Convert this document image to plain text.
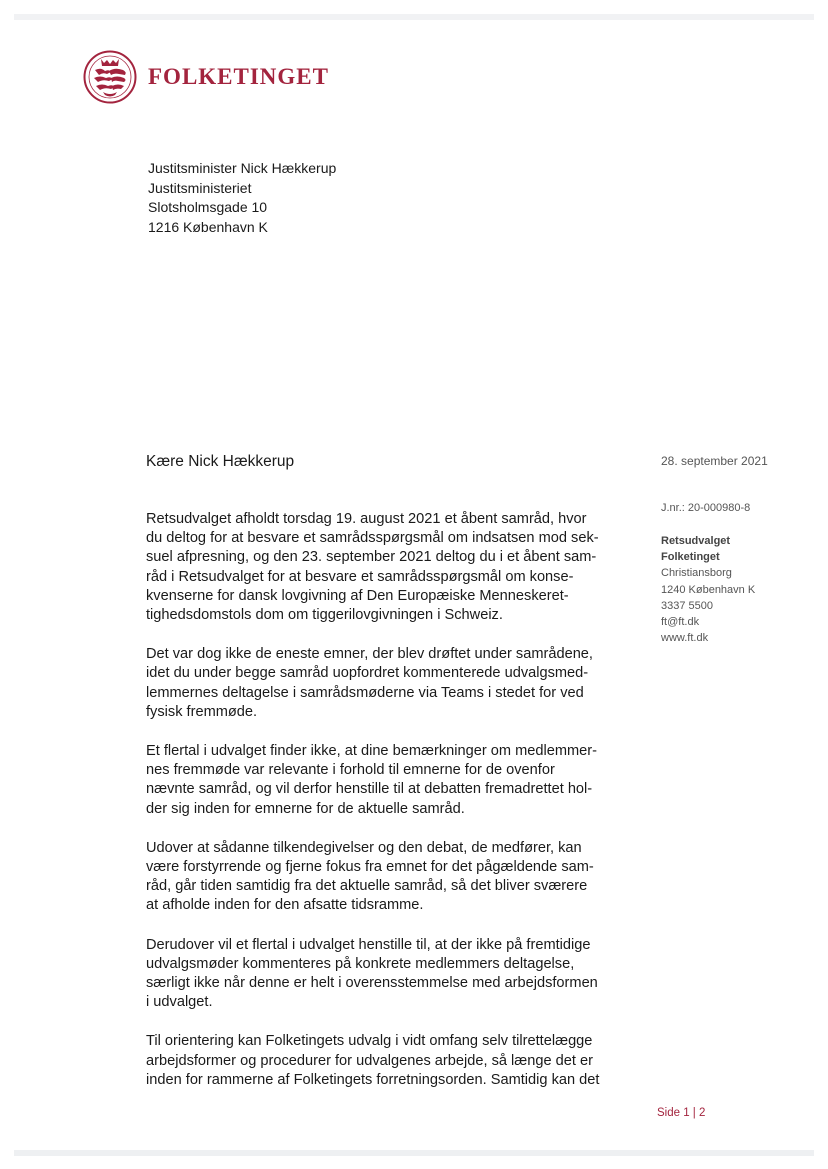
FOLKETINGET
Justitsminister Nick Hækkerup
Justitsministeriet
Slotsholmsgade 10
1216 København K
Kære Nick Hækkerup	28. september 2021
J.nr.: 20-000980-8
Retsudvalget
Folketinget
Christiansborg
1240 København K
3337 5500
ft@ft.dk
www.ft.dk

Retsudvalget afholdt torsdag 19. august 2021 et åbent samråd, hvor
du deltog for at besvare et samrådsspørgsmål om indsatsen mod sek-
suel afpresning, og den 23. september 2021 deltog du i et åbent sam-
råd i Retsudvalget for at besvare et samrådsspørgsmål om konse-
kvenserne for dansk lovgivning af Den Europæiske Menneskeret-
tighedsdomstols dom om tiggerilovgivningen i Schweiz.

Det var dog ikke de eneste emner, der blev drøftet under samrådene,
idet du under begge samråd uopfordret kommenterede udvalgsmed-
lemmernes deltagelse i samrådsmøderne via Teams i stedet for ved
fysisk fremmøde.

Et flertal i udvalget finder ikke, at dine bemærkninger om medlemmer-
nes fremmøde var relevante i forhold til emnerne for de ovenfor
nævnte samråd, og vil derfor henstille til at debatten fremadrettet hol-
der sig inden for emnerne for de aktuelle samråd.

Udover at sådanne tilkendegivelser og den debat, de medfører, kan
være forstyrrende og fjerne fokus fra emnet for det pågældende sam-
råd, går tiden samtidig fra det aktuelle samråd, så det bliver sværere
at afholde inden for den afsatte tidsramme.

Derudover vil et flertal i udvalget henstille til, at der ikke på fremtidige
udvalgsmøder kommenteres på konkrete medlemmers deltagelse,
særligt ikke når denne er helt i overensstemmelse med arbejdsformen
i udvalget.

Til orientering kan Folketingets udvalg i vidt omfang selv tilrettelægge
arbejdsformer og procedurer for udvalgenes arbejde, så længe det er
inden for rammerne af Folketingets forretningsorden. Samtidig kan det

Side 1 | 2
